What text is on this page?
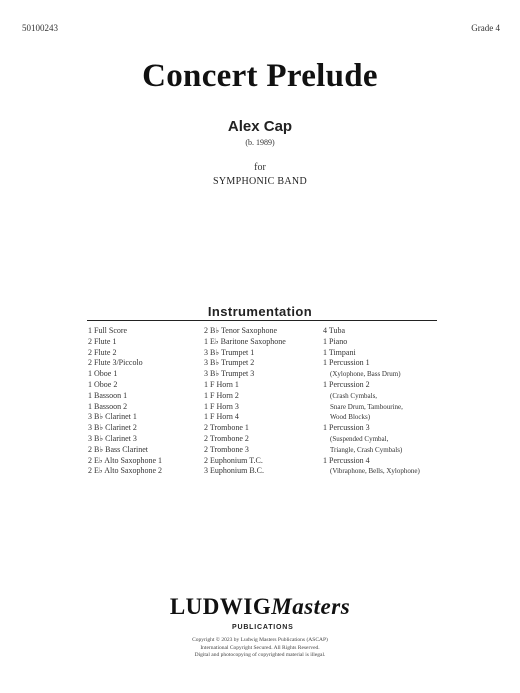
50100243	Grade 4
Concert Prelude
Alex Cap
(b. 1989)
for
SYMPHONIC BAND
Instrumentation
1 Full Score
2 Flute 1
2 Flute 2
2 Flute 3/Piccolo
1 Oboe 1
1 Oboe 2
1 Bassoon 1
1 Bassoon 2
3 B♭ Clarinet 1
3 B♭ Clarinet 2
3 B♭ Clarinet 3
2 B♭ Bass Clarinet
2 E♭ Alto Saxophone 1
2 E♭ Alto Saxophone 2
2 B♭ Tenor Saxophone
1 E♭ Baritone Saxophone
3 B♭ Trumpet 1
3 B♭ Trumpet 2
3 B♭ Trumpet 3
1 F Horn 1
1 F Horn 2
1 F Horn 3
1 F Horn 4
2 Trombone 1
2 Trombone 2
2 Trombone 3
2 Euphonium T.C.
3 Euphonium B.C.
4 Tuba
1 Piano
1 Timpani
1 Percussion 1
(Xylophone, Bass Drum)
1 Percussion 2
(Crash Cymbals,
Snare Drum, Tambourine,
Wood Blocks)
1 Percussion 3
(Suspended Cymbal,
Triangle, Crash Cymbals)
1 Percussion 4
(Vibraphone, Bells, Xylophone)
LUDWIGMasters
PUBLICATIONS
Copyright © 2023 by Ludwig Masters Publications (ASCAP)
International Copyright Secured. All Rights Reserved.
Digital and photocopying of copyrighted material is illegal.
